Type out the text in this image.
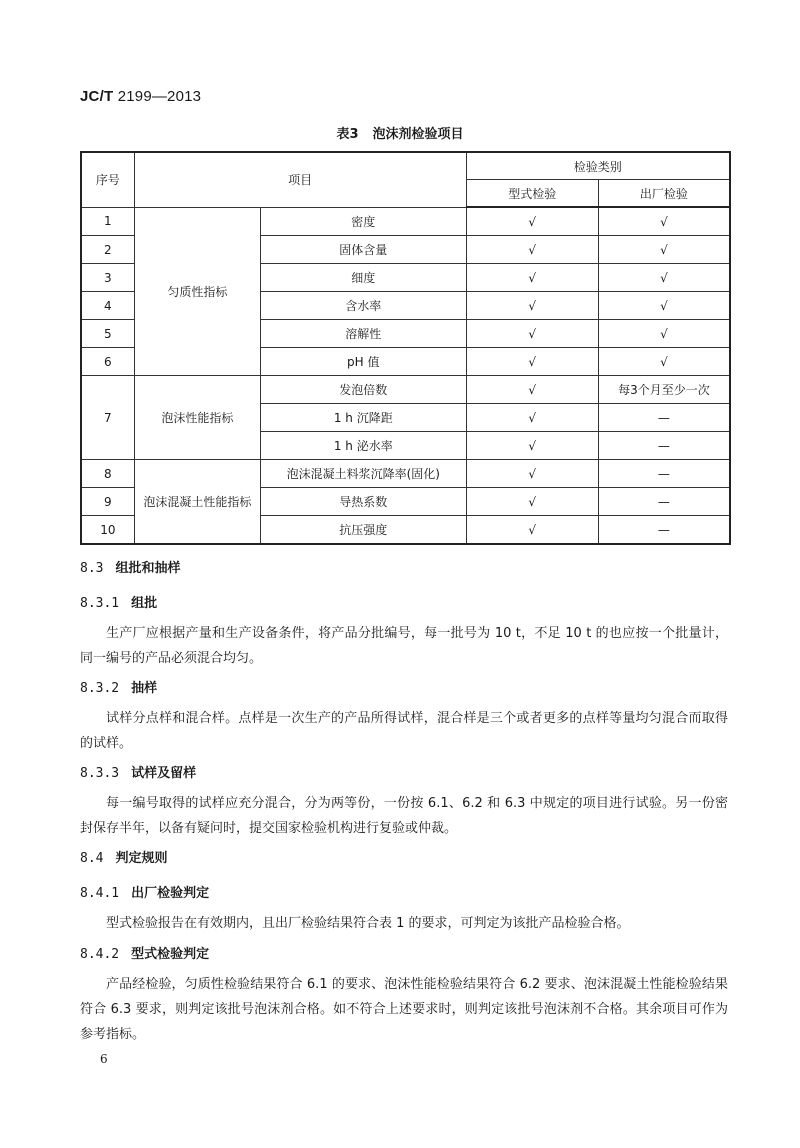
JC/T 2199—2013
表3 泡沫剂检验项目
序号	项目		检验类别	
			型式检验	出厂检验
1	匀质性指标	密度	√	√
2		固体含量	√	√
3		细度	√	√
4		含水率	√	√
5		溶解性	√	√
6		pH 值	√	√
7	泡沫性能指标	发泡倍数	√	每3个月至少一次
		1 h 沉降距	√	—
		1 h 泌水率	√	—
8	泡沫混凝土性能指标	泡沫混凝土料浆沉降率(固化)	√	—
9		导热系数	√	—
10		抗压强度	√	—
8.3 组批和抽样
8.3.1 组批
生产厂应根据产量和生产设备条件，将产品分批编号，每一批号为 10 t，不足 10 t 的也应按一个批量计，同一编号的产品必须混合均匀。
8.3.2 抽样
试样分点样和混合样。点样是一次生产的产品所得试样，混合样是三个或者更多的点样等量均匀混合而取得的试样。
8.3.3 试样及留样
每一编号取得的试样应充分混合，分为两等份，一份按 6.1、6.2 和 6.3 中规定的项目进行试验。另一份密封保存半年，以备有疑问时，提交国家检验机构进行复验或仲裁。
8.4 判定规则
8.4.1 出厂检验判定
型式检验报告在有效期内，且出厂检验结果符合表 1 的要求，可判定为该批产品检验合格。
8.4.2 型式检验判定
产品经检验，匀质性检验结果符合 6.1 的要求、泡沫性能检验结果符合 6.2 要求、泡沫混凝土性能检验结果符合 6.3 要求，则判定该批号泡沫剂合格。如不符合上述要求时，则判定该批号泡沫剂不合格。其余项目可作为参考指标。
6
